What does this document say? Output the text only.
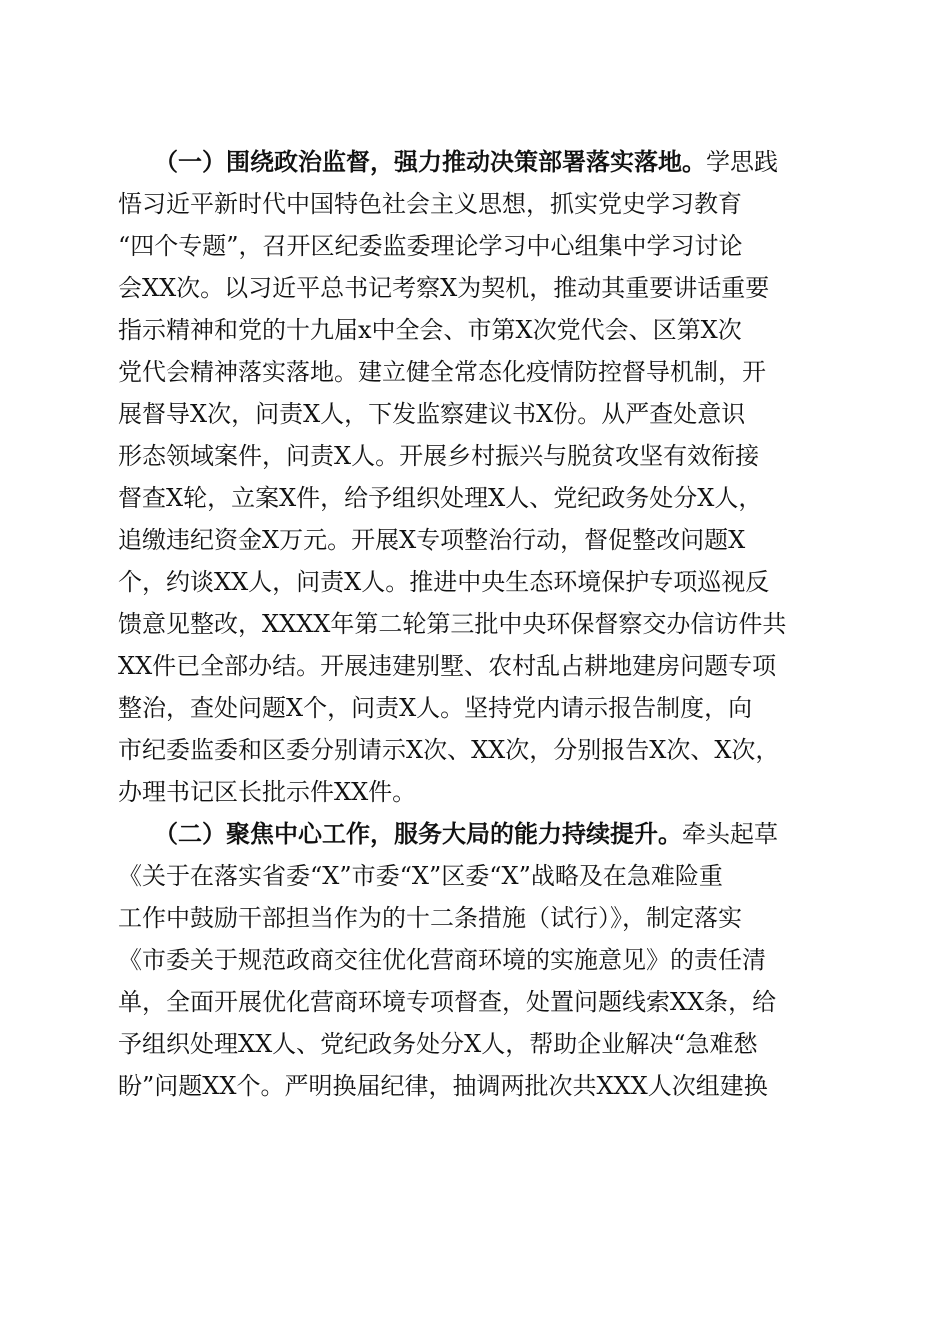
　　（一）围绕政治监督，强力推动决策部署落实落地。学思践
悟习近平新时代中国特色社会主义思想，抓实党史学习教育
“四个专题”，召开区纪委监委理论学习中心组集中学习讨论
会XX次。以习近平总书记考察X为契机，推动其重要讲话重要
指示精神和党的十九届x中全会、市第X次党代会、区第X次
党代会精神落实落地。建立健全常态化疫情防控督导机制，开
展督导X次，问责X人，下发监察建议书X份。从严查处意识
形态领域案件，问责X人。开展乡村振兴与脱贫攻坚有效衔接
督查X轮，立案X件，给予组织处理X人、党纪政务处分X人，
追缴违纪资金X万元。开展X专项整治行动，督促整改问题X
个，约谈XX人，问责X人。推进中央生态环境保护专项巡视反
馈意见整改，XXXX年第二轮第三批中央环保督察交办信访件共
XX件已全部办结。开展违建别墅、农村乱占耕地建房问题专项
整治，查处问题X个，问责X人。坚持党内请示报告制度，向
市纪委监委和区委分别请示X次、XX次，分别报告X次、X次，
办理书记区长批示件XX件。
　　（二）聚焦中心工作，服务大局的能力持续提升。牵头起草
《关于在落实省委“X”市委“X”区委“X”战略及在急难险重
工作中鼓励干部担当作为的十二条措施（试行）》，制定落实
《市委关于规范政商交往优化营商环境的实施意见》的责任清
单，全面开展优化营商环境专项督查，处置问题线索XX条，给
予组织处理XX人、党纪政务处分X人，帮助企业解决“急难愁
盼”问题XX个。严明换届纪律，抽调两批次共XXX人次组建换
